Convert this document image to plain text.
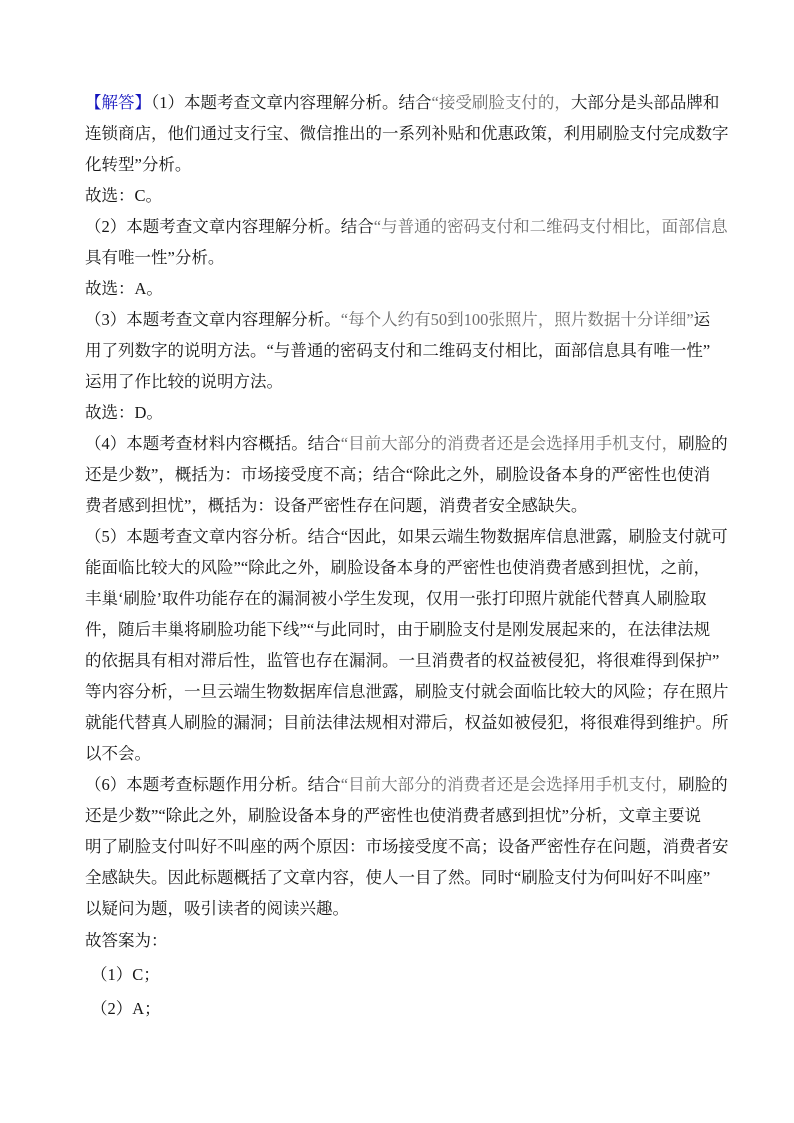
【解答】（1）本题考查文章内容理解分析。结合“接受刷脸支付的，大部分是头部品牌和
连锁商店，他们通过支行宝、微信推出的一系列补贴和优惠政策，利用刷脸支付完成数字
化转型”分析。
故选：C。
（2）本题考查文章内容理解分析。结合“与普通的密码支付和二维码支付相比，面部信息
具有唯一性”分析。
故选：A。
（3）本题考查文章内容理解分析。“每个人约有50到100张照片，照片数据十分详细”运
用了列数字的说明方法。“与普通的密码支付和二维码支付相比，面部信息具有唯一性”
运用了作比较的说明方法。
故选：D。
（4）本题考查材料内容概括。结合“目前大部分的消费者还是会选择用手机支付，刷脸的
还是少数”，概括为：市场接受度不高；结合“除此之外，刷脸设备本身的严密性也使消
费者感到担忧”，概括为：设备严密性存在问题，消费者安全感缺失。
（5）本题考查文章内容分析。结合“因此，如果云端生物数据库信息泄露，刷脸支付就可
能面临比较大的风险”“除此之外，刷脸设备本身的严密性也使消费者感到担忧，之前，
丰巢‘刷脸’取件功能存在的漏洞被小学生发现，仅用一张打印照片就能代替真人刷脸取
件，随后丰巢将刷脸功能下线”“与此同时，由于刷脸支付是刚发展起来的，在法律法规
的依据具有相对滞后性，监管也存在漏洞。一旦消费者的权益被侵犯，将很难得到保护”
等内容分析，一旦云端生物数据库信息泄露，刷脸支付就会面临比较大的风险；存在照片
就能代替真人刷脸的漏洞；目前法律法规相对滞后，权益如被侵犯，将很难得到维护。所
以不会。
（6）本题考查标题作用分析。结合“目前大部分的消费者还是会选择用手机支付，刷脸的
还是少数”“除此之外，刷脸设备本身的严密性也使消费者感到担忧”分析，文章主要说
明了刷脸支付叫好不叫座的两个原因：市场接受度不高；设备严密性存在问题，消费者安
全感缺失。因此标题概括了文章内容，使人一目了然。同时“刷脸支付为何叫好不叫座”
以疑问为题，吸引读者的阅读兴趣。
故答案为：
（1）C；
（2）A；
